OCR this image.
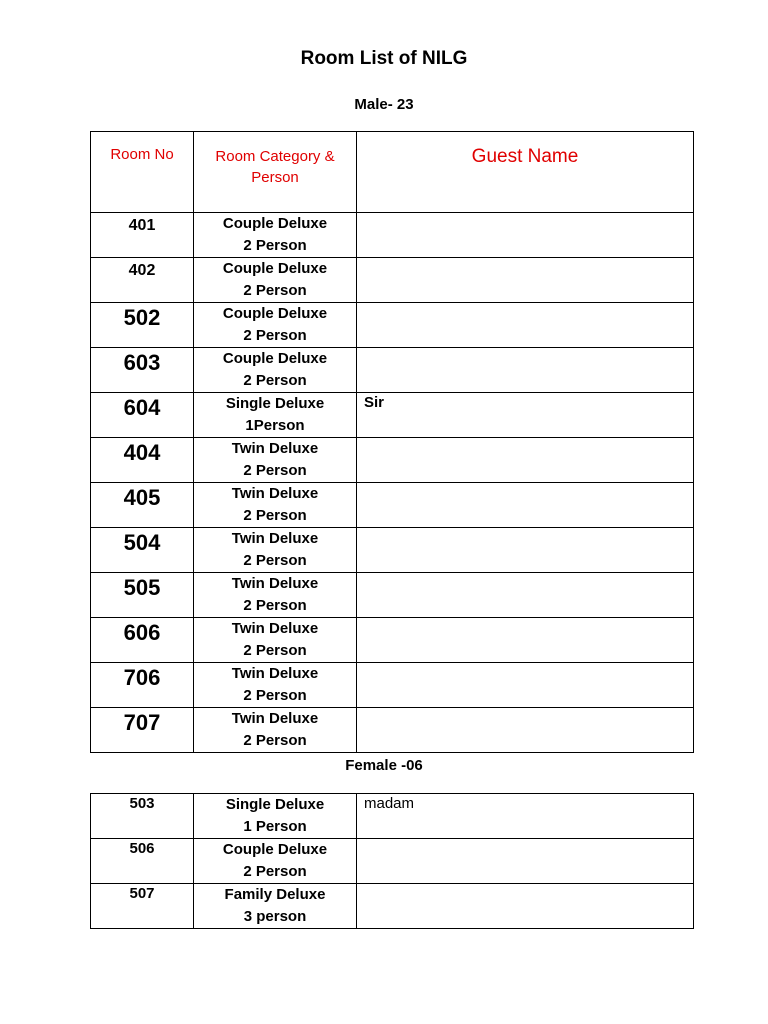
Room List of NILG
Male- 23
Room No	Room Category & Person	Guest Name
401	Couple Deluxe
2 Person	

402	Couple Deluxe
2 Person	

502	Couple Deluxe
2 Person	

603	Couple Deluxe
2 Person	

604	Single Deluxe
1Person	Sir
404	Twin Deluxe
2 Person	

405	Twin Deluxe
2 Person	

504	Twin Deluxe
2 Person	

505	Twin Deluxe
2 Person	

606	Twin Deluxe
2 Person	

706	Twin Deluxe
2 Person	

707	Twin Deluxe
2 Person	

Female -06
503	Single Deluxe
1 Person	madam
506	Couple Deluxe
2 Person	

507	Family Deluxe
3 person	
